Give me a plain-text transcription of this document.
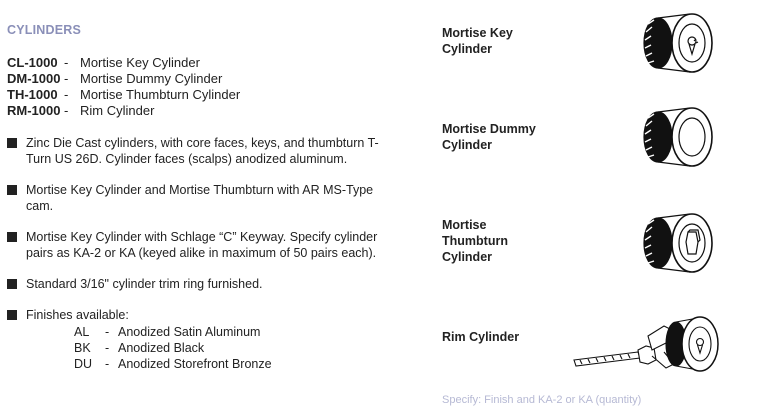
CYLINDERS
CL-1000 - Mortise Key Cylinder
DM-1000 - Mortise Dummy Cylinder
TH-1000 - Mortise Thumbturn Cylinder
RM-1000 - Rim Cylinder
Zinc Die Cast cylinders, with core faces, keys, and thumbturn T-Turn US 26D. Cylinder faces (scalps) anodized aluminum.
Mortise Key Cylinder and Mortise Thumbturn with AR MS-Type cam.
Mortise Key Cylinder with Schlage “C” Keyway. Specify cylinder pairs as KA-2 or KA (keyed alike in maximum of 50 pairs each).
Standard 3/16" cylinder trim ring furnished.
Finishes available:
AL - Anodized Satin Aluminum
BK - Anodized Black
DU - Anodized Storefront Bronze
Mortise Key Cylinder
Mortise Dummy Cylinder
Mortise Thumbturn Cylinder
Rim Cylinder
Specify: Finish and KA-2 or KA (quantity)
